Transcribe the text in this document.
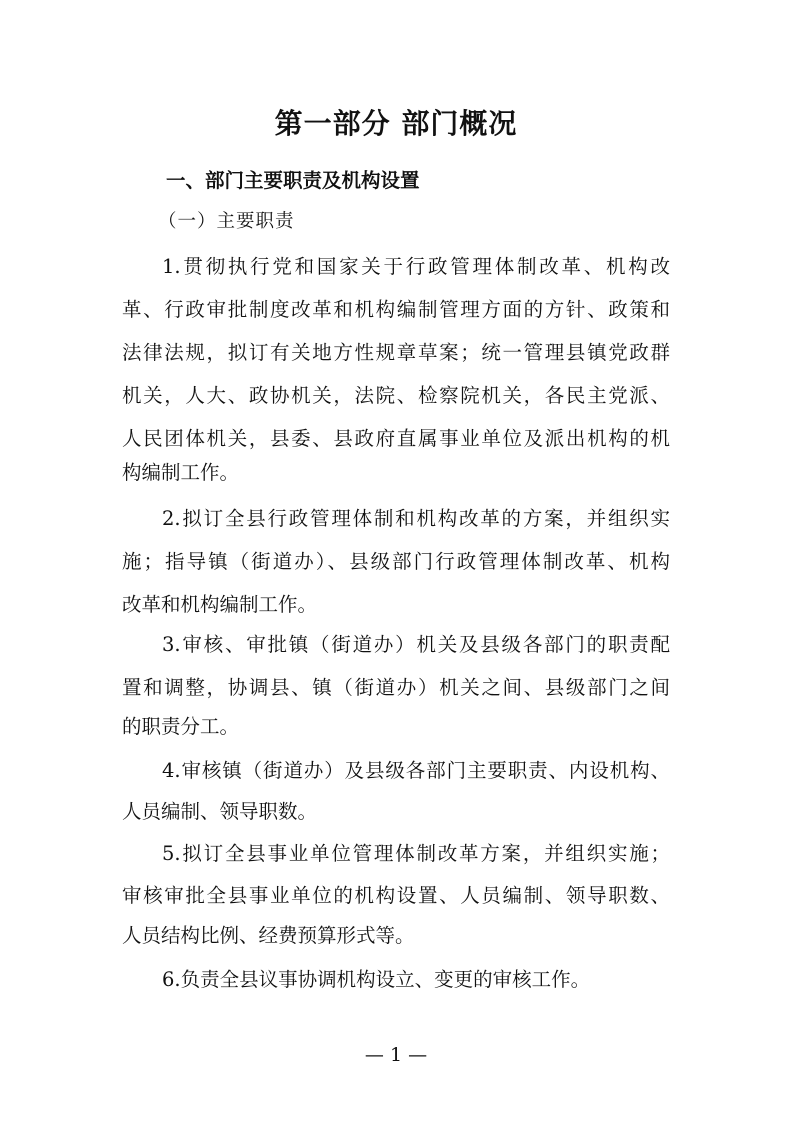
第一部分 部门概况
一、部门主要职责及机构设置
（一）主要职责
1.贯彻执行党和国家关于行政管理体制改革、机构改
革、行政审批制度改革和机构编制管理方面的方针、政策和
法律法规，拟订有关地方性规章草案；统一管理县镇党政群
机关，人大、政协机关，法院、检察院机关，各民主党派、
人民团体机关，县委、县政府直属事业单位及派出机构的机
构编制工作。
2.拟订全县行政管理体制和机构改革的方案，并组织实
施；指导镇（街道办）、县级部门行政管理体制改革、机构
改革和机构编制工作。
3.审核、审批镇（街道办）机关及县级各部门的职责配
置和调整，协调县、镇（街道办）机关之间、县级部门之间
的职责分工。
4.审核镇（街道办）及县级各部门主要职责、内设机构、
人员编制、领导职数。
5.拟订全县事业单位管理体制改革方案，并组织实施；
审核审批全县事业单位的机构设置、人员编制、领导职数、
人员结构比例、经费预算形式等。
6.负责全县议事协调机构设立、变更的审核工作。
— 1 —
